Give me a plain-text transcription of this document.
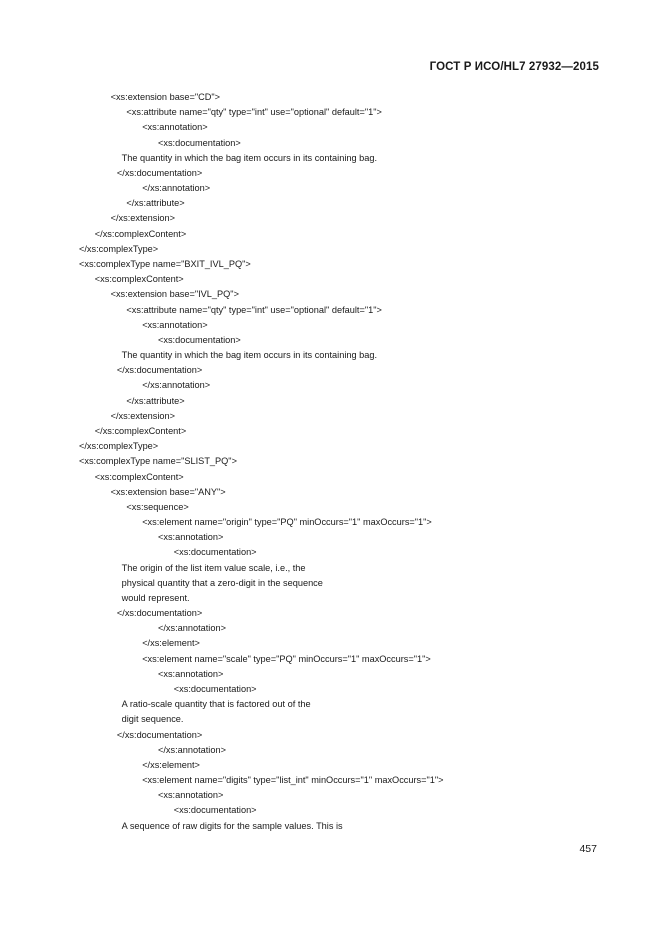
ГОСТ Р ИСО/HL7 27932—2015
<xs:extension base="CD">
<xs:attribute name="qty" type="int" use="optional" default="1">
<xs:annotation>
<xs:documentation>
The quantity in which the bag item occurs in its containing bag.
</xs:documentation>
</xs:annotation>
</xs:attribute>
</xs:extension>
</xs:complexContent>
</xs:complexType>
<xs:complexType name="BXIT_IVL_PQ">
<xs:complexContent>
<xs:extension base="IVL_PQ">
<xs:attribute name="qty" type="int" use="optional" default="1">
<xs:annotation>
<xs:documentation>
The quantity in which the bag item occurs in its containing bag.
</xs:documentation>
</xs:annotation>
</xs:attribute>
</xs:extension>
</xs:complexContent>
</xs:complexType>
<xs:complexType name="SLIST_PQ">
<xs:complexContent>
<xs:extension base="ANY">
<xs:sequence>
<xs:element name="origin" type="PQ" minOccurs="1" maxOccurs="1">
<xs:annotation>
<xs:documentation>
The origin of the list item value scale, i.e., the
physical quantity that a zero-digit in the sequence
would represent.
</xs:documentation>
</xs:annotation>
</xs:element>
<xs:element name="scale" type="PQ" minOccurs="1" maxOccurs="1">
<xs:annotation>
<xs:documentation>
A ratio-scale quantity that is factored out of the
digit sequence.
</xs:documentation>
</xs:annotation>
</xs:element>
<xs:element name="digits" type="list_int" minOccurs="1" maxOccurs="1">
<xs:annotation>
<xs:documentation>
A sequence of raw digits for the sample values. This is
457
